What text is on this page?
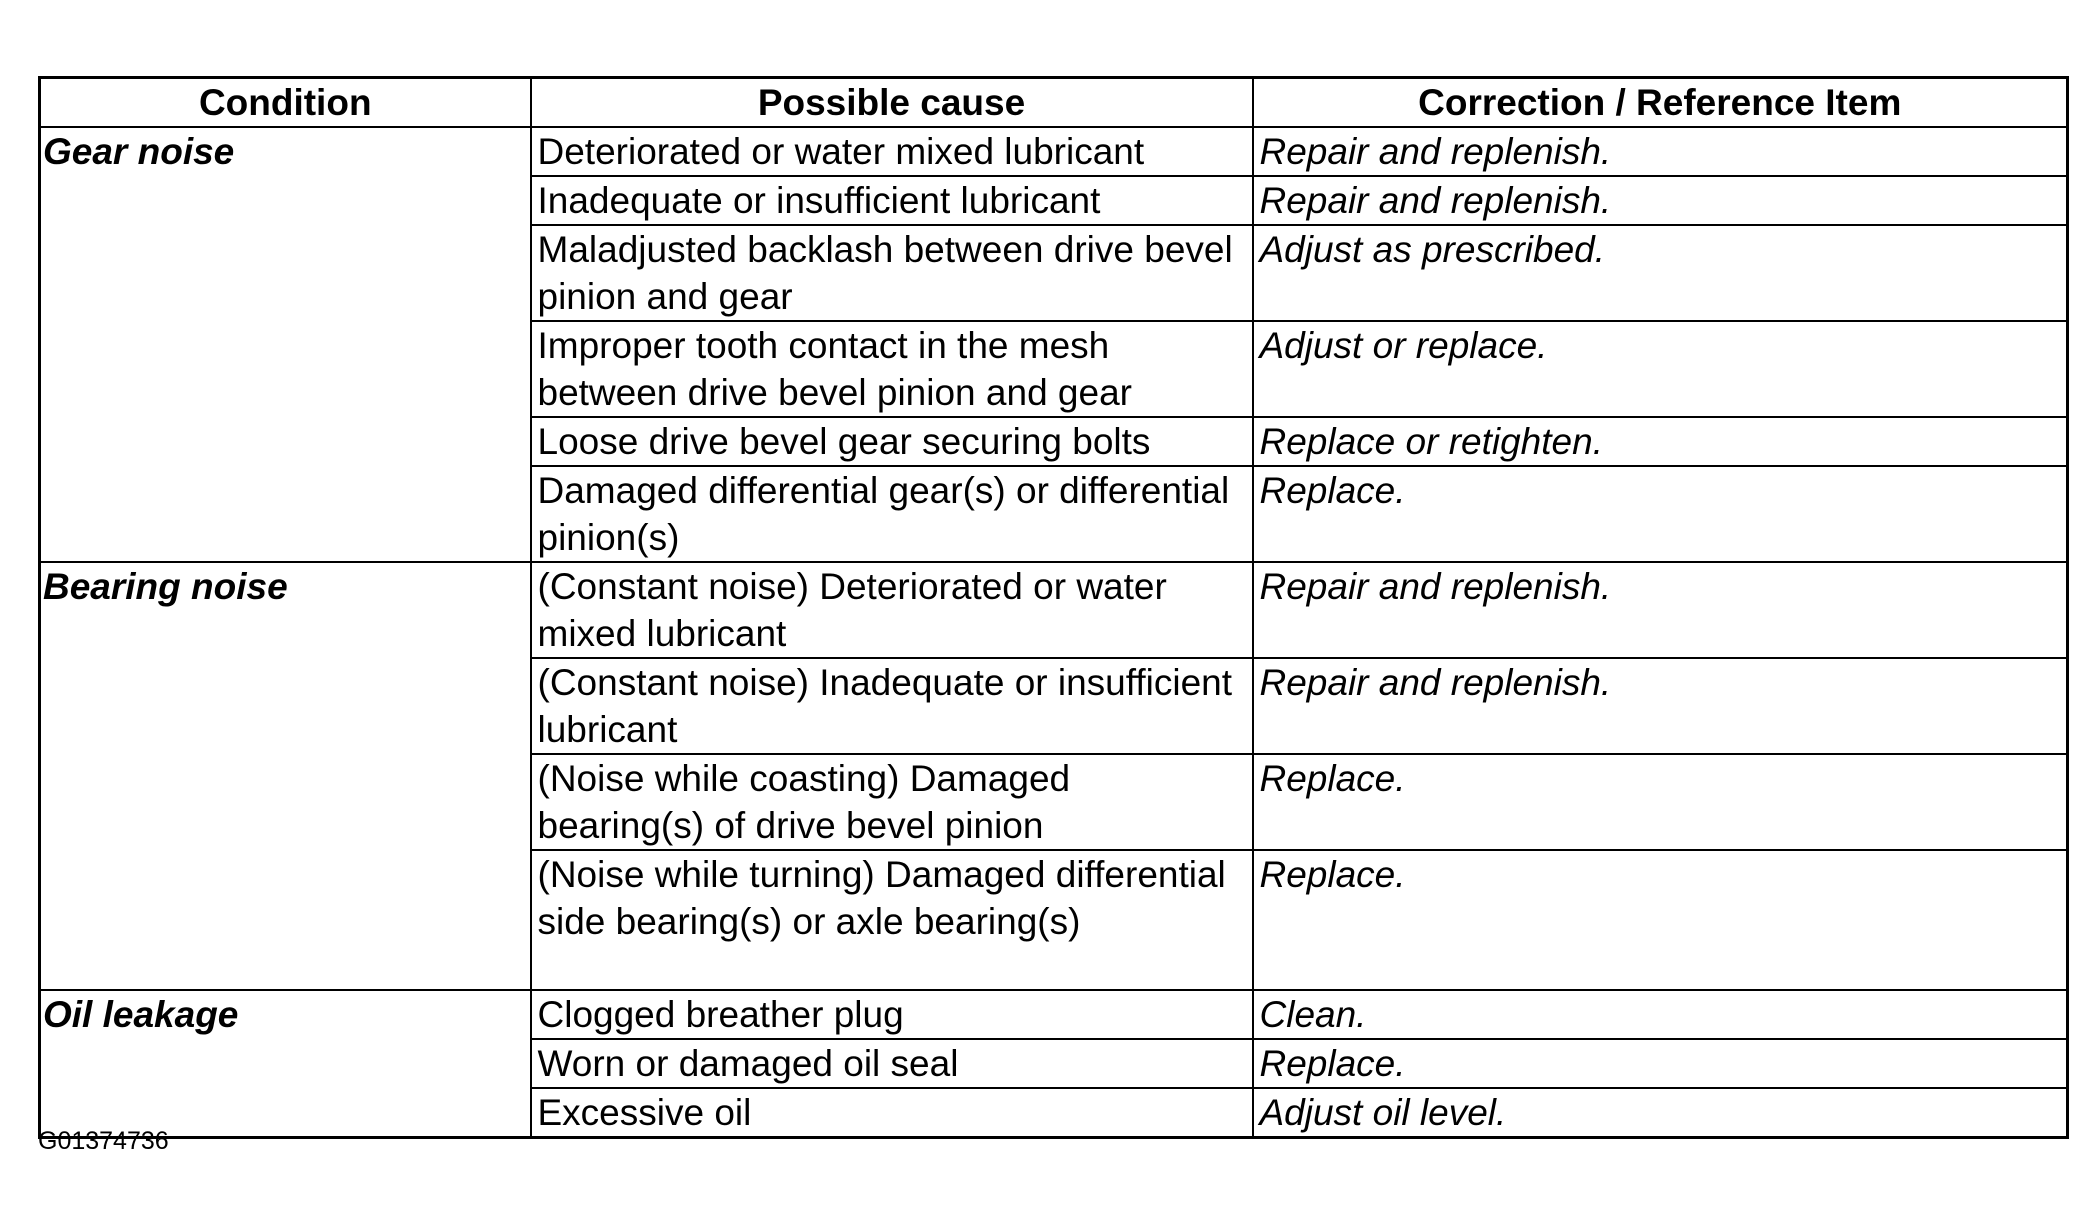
Condition	Possible cause	Correction / Reference Item
Gear noise	Deteriorated or water mixed lubricant	Repair and replenish.
	Inadequate or insufficient lubricant	Repair and replenish.
	Maladjusted backlash between drive bevel pinion and gear	Adjust as prescribed.
	Improper tooth contact in the mesh between drive bevel pinion and gear	Adjust or replace.
	Loose drive bevel gear securing bolts	Replace or retighten.
	Damaged differential gear(s) or differential pinion(s)	Replace.
Bearing noise	(Constant noise) Deteriorated or water mixed lubricant	Repair and replenish.
	(Constant noise) Inadequate or insufficient lubricant	Repair and replenish.
	(Noise while coasting) Damaged bearing(s) of drive bevel pinion	Replace.
	(Noise while turning) Damaged differential side bearing(s) or axle bearing(s)	Replace.
Oil leakage	Clogged breather plug	Clean.
	Worn or damaged oil seal	Replace.
	Excessive oil	Adjust oil level.
G01374736
